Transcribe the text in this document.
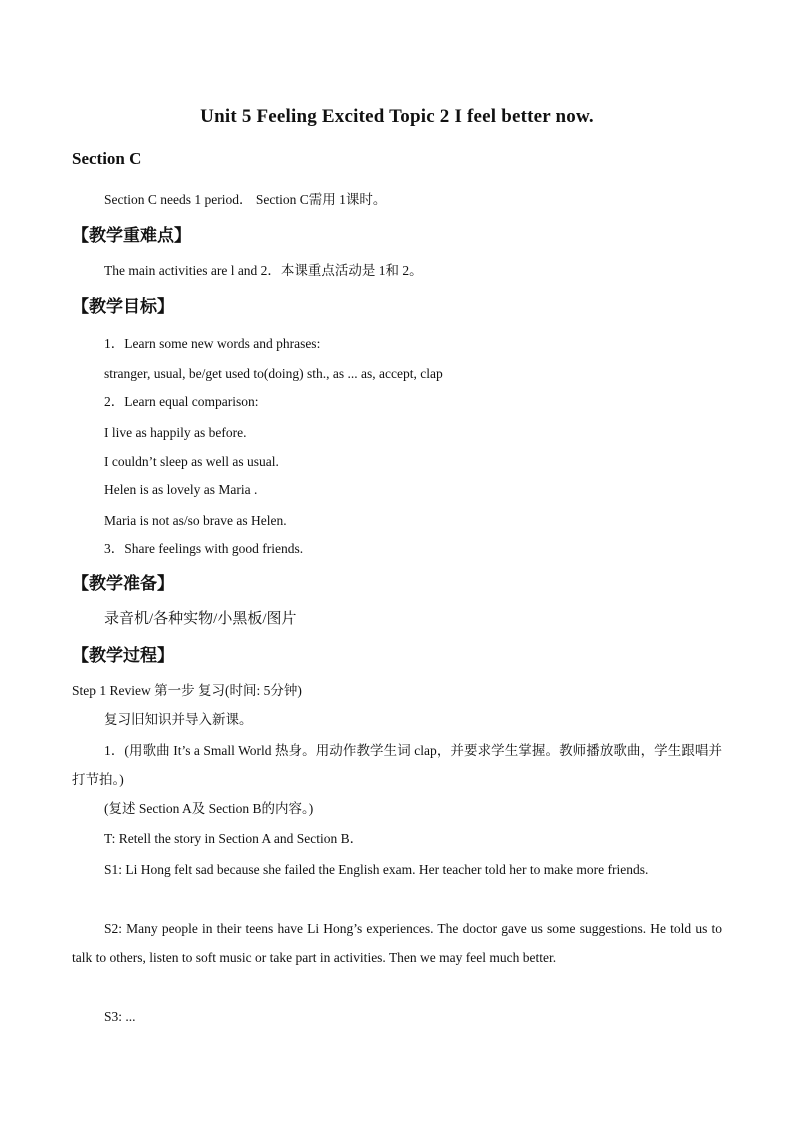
Unit 5 Feeling Excited Topic 2 I feel better now.
Section C
Section C needs 1 period． Section C需用 1课时。
【教学重难点】
The main activities are l and 2．本课重点活动是 1和 2。
【教学目标】
1．Learn some new words and phrases:
stranger, usual, be/get used to(doing) sth., as ... as, accept, clap
2．Learn equal comparison:
I live as happily as before.
I couldn’t sleep as well as usual.
Helen is as lovely as Maria .
Maria is not as/so brave as Helen.
3．Share feelings with good friends.
【教学准备】
录音机/各种实物/小黑板/图片
【教学过程】
Step 1 Review 第一步 复习(时间: 5分钟)
复习旧知识并导入新课。
1．(用歌曲 It’s a Small World 热身。用动作教学生词 clap，并要求学生掌握。教师播放歌曲，学生跟唱并打节拍。)
(复述 Section A及 Section B的内容。)
T: Retell the story in Section A and Section B．
S1: Li Hong felt sad because she failed the English exam. Her teacher told her to make more friends.
S2: Many people in their teens have Li Hong’s experiences. The doctor gave us some suggestions. He told us to talk to others, listen to soft music or take part in activities. Then we may feel much better.
S3: ...
